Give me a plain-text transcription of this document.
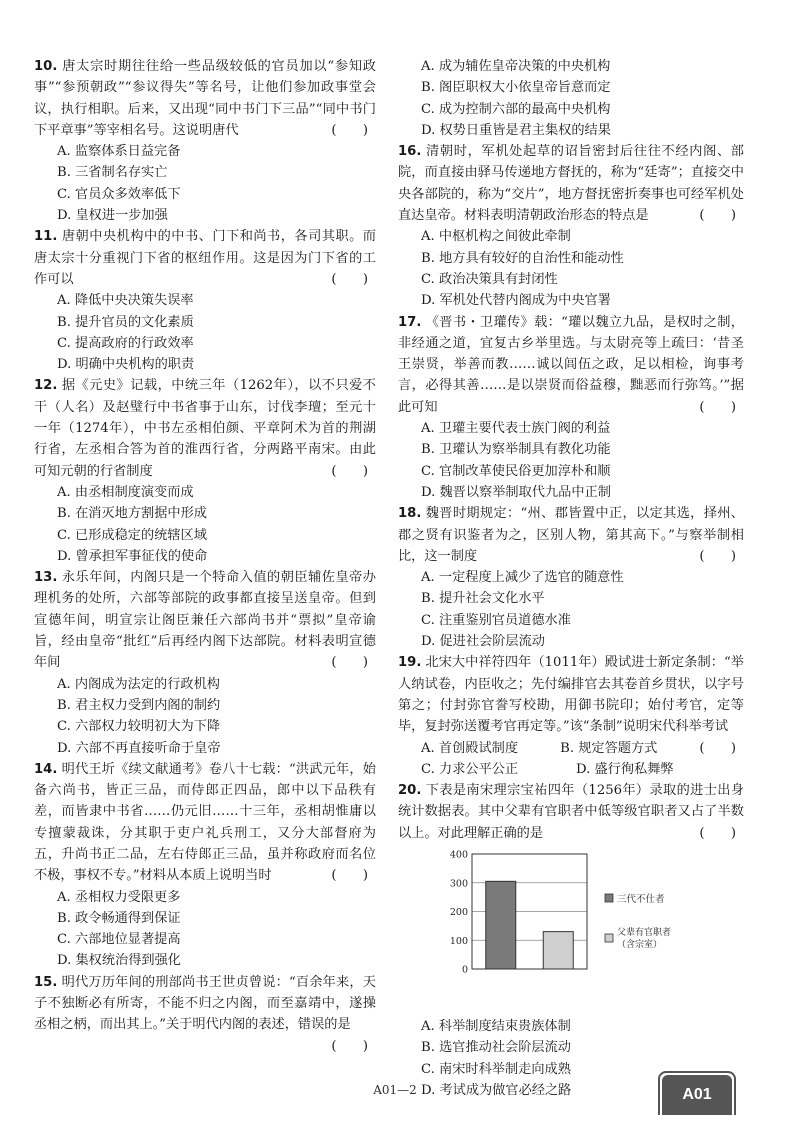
10. 唐太宗时期往往给一些品级较低的官员加以“参知政事”“参预朝政”“参议得失”等名号，让他们参加政事堂会议，执行相职。后来，又出现“同中书门下三品”“同中书门下平章事”等宰相名号。这说明唐代	(　　)
A. 监察体系日益完备
B. 三省制名存实亡
C. 官员众多效率低下
D. 皇权进一步加强
11. 唐朝中央机构中的中书、门下和尚书，各司其职。而唐太宗十分重视门下省的枢纽作用。这是因为门下省的工作可以	(　　)
A. 降低中央决策失误率
B. 提升官员的文化素质
C. 提高政府的行政效率
D. 明确中央机构的职责
12. 据《元史》记载，中统三年（1262年），以不只爱不干（人名）及赵璧行中书省事于山东，讨伐李璮；至元十一年（1274年），中书左丞相伯颜、平章阿术为首的荆湖行省，左丞相合答为首的淮西行省，分两路平南宋。由此可知元朝的行省制度	(　　)
A. 由丞相制度演变而成
B. 在消灭地方割据中形成
C. 已形成稳定的统辖区域
D. 曾承担军事征伐的使命
13. 永乐年间，内阁只是一个特命入值的朝臣辅佐皇帝办理机务的处所，六部等部院的政事都直接呈送皇帝。但到宣德年间，明宣宗让阁臣兼任六部尚书并“票拟”皇帝谕旨，经由皇帝“批红”后再经内阁下达部院。材料表明宣德年间	(　　)
A. 内阁成为法定的行政机构
B. 君主权力受到内阁的制约
C. 六部权力较明初大为下降
D. 六部不再直接听命于皇帝
14. 明代王圻《续文献通考》卷八十七载：“洪武元年，始备六尚书，皆正三品，而侍郎正四品，郎中以下品秩有差，而皆隶中书省……仍元旧……十三年，丞相胡惟庸以专擅蒙裁诛，分其职于吏户礼兵刑工，又分大部督府为五，升尚书正二品，左右侍郎正三品，虽并称政府而名位不极，事权不专。”材料从本质上说明当时	(　　)
A. 丞相权力受限更多
B. 政令畅通得到保证
C. 六部地位显著提高
D. 集权统治得到强化
15. 明代万历年间的刑部尚书王世贞曾说：“百余年来，天子不独断必有所寄，不能不归之内阁，而至嘉靖中，遂操丞相之柄，而出其上。”关于明代内阁的表述，错误的是
(　　)
A. 成为辅佐皇帝决策的中央机构
B. 阁臣职权大小依皇帝旨意而定
C. 成为控制六部的最高中央机构
D. 权势日重皆是君主集权的结果
16. 清朝时，军机处起草的诏旨密封后往往不经内阁、部院，而直接由驿马传递地方督抚的，称为“廷寄”；直接交中央各部院的，称为“交片”，地方督抚密折奏事也可经军机处直达皇帝。材料表明清朝政治形态的特点是	(　　)
A. 中枢机构之间彼此牵制
B. 地方具有较好的自治性和能动性
C. 政治决策具有封闭性
D. 军机处代替内阁成为中央官署
17. 《晋书・卫瓘传》载：“瓘以魏立九品，是权时之制，非经通之道，宜复古乡举里选。与太尉亮等上疏曰：‘昔圣王崇贤，举善而教……诚以闾伍之政，足以相检，询事考言，必得其善……是以崇贤而俗益穆，黜恶而行弥笃。’”据此可知	(　　)
A. 卫瓘主要代表士族门阀的利益
B. 卫瓘认为察举制具有教化功能
C. 官制改革使民俗更加淳朴和顺
D. 魏晋以察举制取代九品中正制
18. 魏晋时期规定：“州、郡皆置中正，以定其选，择州、郡之贤有识鉴者为之，区别人物，第其高下。”与察举制相比，这一制度	(　　)
A. 一定程度上减少了选官的随意性
B. 提升社会文化水平
C. 注重鉴别官员道德水准
D. 促进社会阶层流动
19. 北宋大中祥符四年（1011年）殿试进士新定条制：“举人纳试卷，内臣收之；先付编排官去其卷首乡贯状，以字号第之；付封弥官誊写校勘，用御书院印；始付考官，定等毕，复封弥送覆考官再定等。”该“条制”说明宋代科举考试
(　　)
A. 首创殿试制度	B. 规定答题方式
C. 力求公平公正	D. 盛行徇私舞弊
20. 下表是南宋理宗宝祐四年（1256年）录取的进士出身统计数据表。其中父辈有官职者中低等级官职者又占了半数以上。对此理解正确的是	(　　)
0
100
200
300
400
三代不仕者
父辈有官职者
（含宗室）
A. 科举制度结束贵族体制
B. 选官推动社会阶层流动
C. 南宋时科举制走向成熟
D. 考试成为做官必经之路
A01—2	A01
